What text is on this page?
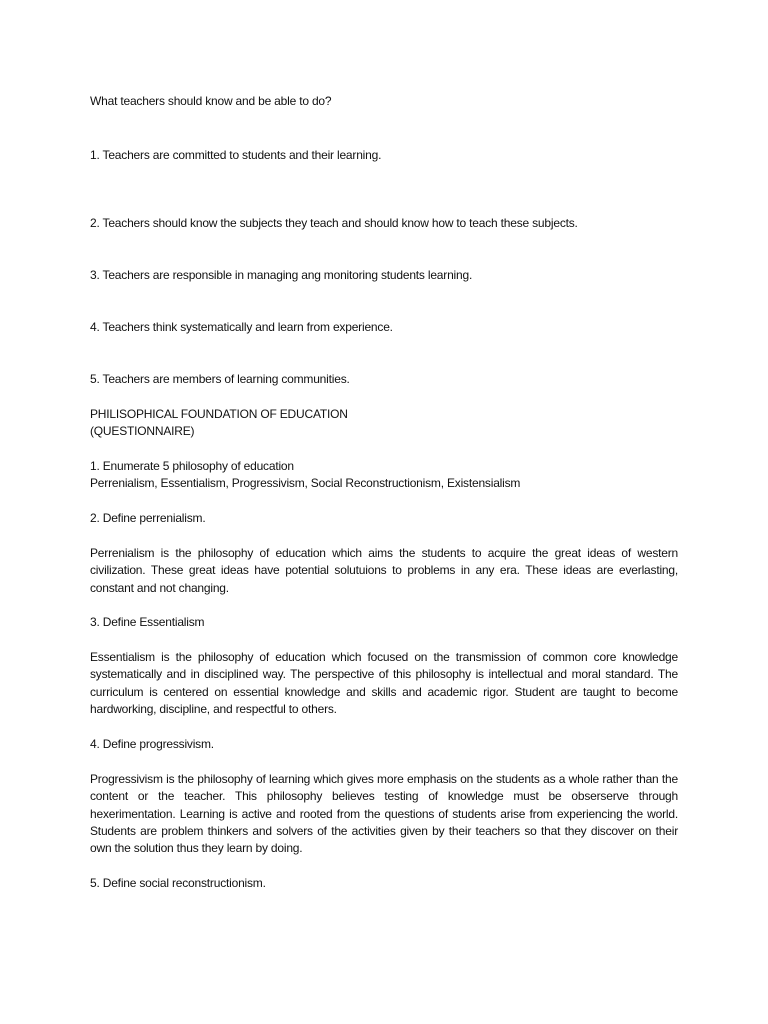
What teachers should know and be able to do?
1. Teachers are committed to students and their learning.
2. Teachers should know the subjects they teach and should know how to teach these subjects.
3. Teachers are responsible in managing ang monitoring students learning.
4. Teachers think systematically and learn from experience.
5. Teachers are members of learning communities.
PHILISOPHICAL FOUNDATION OF EDUCATION
(QUESTIONNAIRE)
1. Enumerate 5 philosophy of education
Perrenialism, Essentialism, Progressivism, Social Reconstructionism, Existensialism
2. Define perrenialism.
Perrenialism is the philosophy of education which aims the students to acquire the great ideas of western civilization. These great ideas have potential solutuions to problems in any era. These ideas are everlasting, constant and not changing.
3. Define Essentialism
Essentialism is the philosophy of education which focused on the transmission of common core knowledge systematically and in disciplined way. The perspective of this philosophy is intellectual and moral standard. The curriculum is centered on essential knowledge and skills and academic rigor. Student are taught to become hardworking, discipline, and respectful to others.
4. Define progressivism.
Progressivism is the philosophy of learning which gives more emphasis on the students as a whole rather than the content or the teacher. This philosophy believes testing of knowledge must be obserserve through hexerimentation. Learning is active and rooted from the questions of students arise from experiencing the world. Students are problem thinkers and solvers of the activities given by their teachers so that they discover on their own the solution thus they learn by doing.
5. Define social reconstructionism.
